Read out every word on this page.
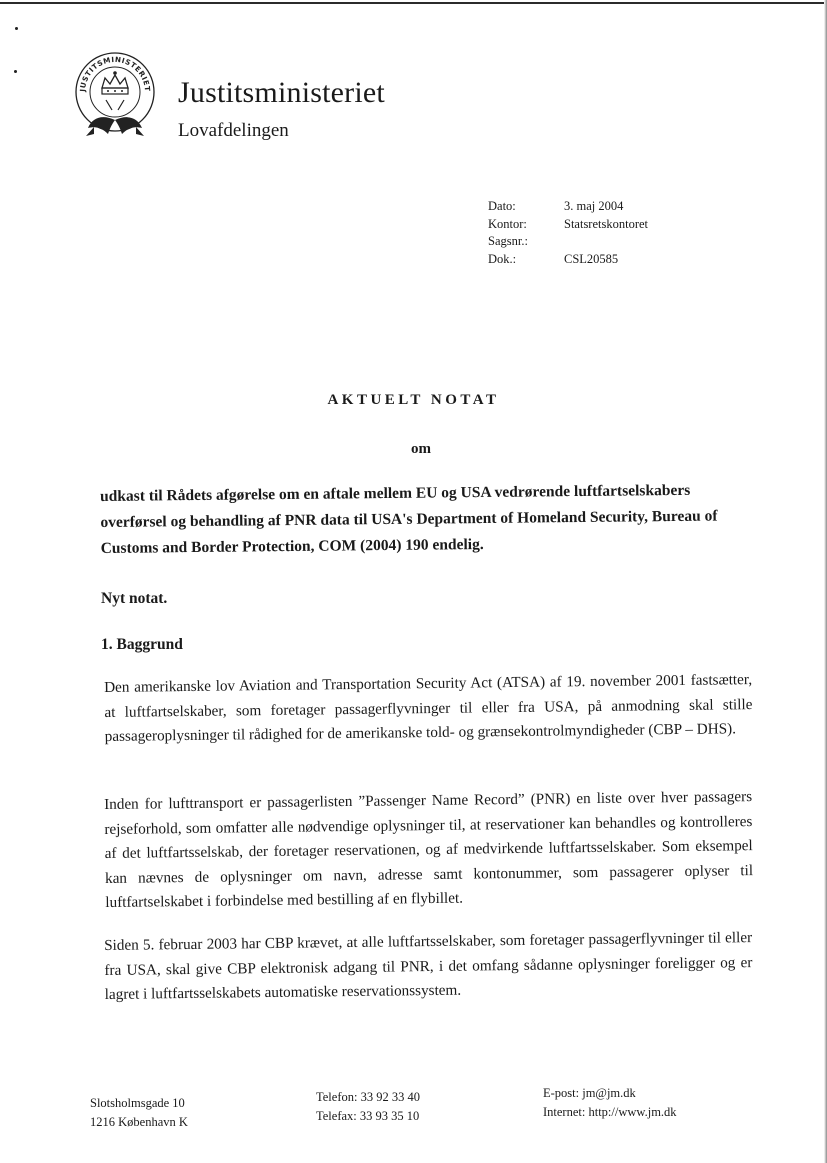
JUSTITSMINISTERIET Justitsministeriet
Lovafdelingen
Dato:	3. maj 2004
Kontor:	Statsretskontoret
Sagsnr.:
Dok.:	CSL20585
AKTUELT NOTAT
om
udkast til Rådets afgørelse om en aftale mellem EU og USA vedrørende luftfartselskabers overførsel og behandling af PNR data til USA's Department of Homeland Security, Bureau of Customs and Border Protection, COM (2004) 190 endelig.
Nyt notat.
1. Baggrund
Den amerikanske lov Aviation and Transportation Security Act (ATSA) af 19. november 2001 fastsætter, at luftfartselskaber, som foretager passagerflyvninger til eller fra USA, på anmodning skal stille passageroplysninger til rådighed for de amerikanske told- og grænsekontrolmyndigheder (CBP – DHS).
Inden for lufttransport er passagerlisten ”Passenger Name Record” (PNR) en liste over hver passagers rejseforhold, som omfatter alle nødvendige oplysninger til, at reservationer kan behandles og kontrolleres af det luftfartsselskab, der foretager reservationen, og af medvirkende luftfartsselskaber. Som eksempel kan nævnes de oplysninger om navn, adresse samt kontonummer, som passagerer oplyser til luftfartselskabet i forbindelse med bestilling af en flybillet.
Siden 5. februar 2003 har CBP krævet, at alle luftfartsselskaber, som foretager passagerflyvninger til eller fra USA, skal give CBP elektronisk adgang til PNR, i det omfang sådanne oplysninger foreligger og er lagret i luftfartsselskabets automatiske reservationssystem.
Slotsholmsgade 10
1216 København K
Telefon: 33 92 33 40
Telefax: 33 93 35 10
E-post: jm@jm.dk
Internet: http://www.jm.dk
